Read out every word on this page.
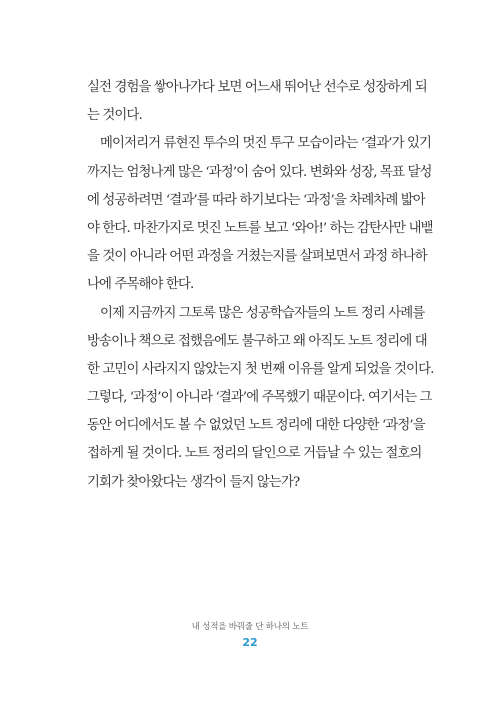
실전 경험을 쌓아나가다 보면 어느새 뛰어난 선수로 성장하게 되
는 것이다.
메이저리거 류현진 투수의 멋진 투구 모습이라는 ‘결과’가 있기
까지는 엄청나게 많은 ‘과정’이 숨어 있다. 변화와 성장, 목표 달성
에 성공하려면 ‘결과’를 따라 하기보다는 ‘과정’을 차례차례 밟아
야 한다. 마찬가지로 멋진 노트를 보고 ‘와아!’ 하는 감탄사만 내뱉
을 것이 아니라 어떤 과정을 거쳤는지를 살펴보면서 과정 하나하
나에 주목해야 한다.
이제 지금까지 그토록 많은 성공학습자들의 노트 정리 사례를
방송이나 책으로 접했음에도 불구하고 왜 아직도 노트 정리에 대
한 고민이 사라지지 않았는지 첫 번째 이유를 알게 되었을 것이다.
그렇다, ‘과정’이 아니라 ‘결과’에 주목했기 때문이다. 여기서는 그
동안 어디에서도 볼 수 없었던 노트 정리에 대한 다양한 ‘과정’을
접하게 될 것이다. 노트 정리의 달인으로 거듭날 수 있는 절호의
기회가 찾아왔다는 생각이 들지 않는가?
내 성적을 바꿔줄 단 하나의 노트
22
